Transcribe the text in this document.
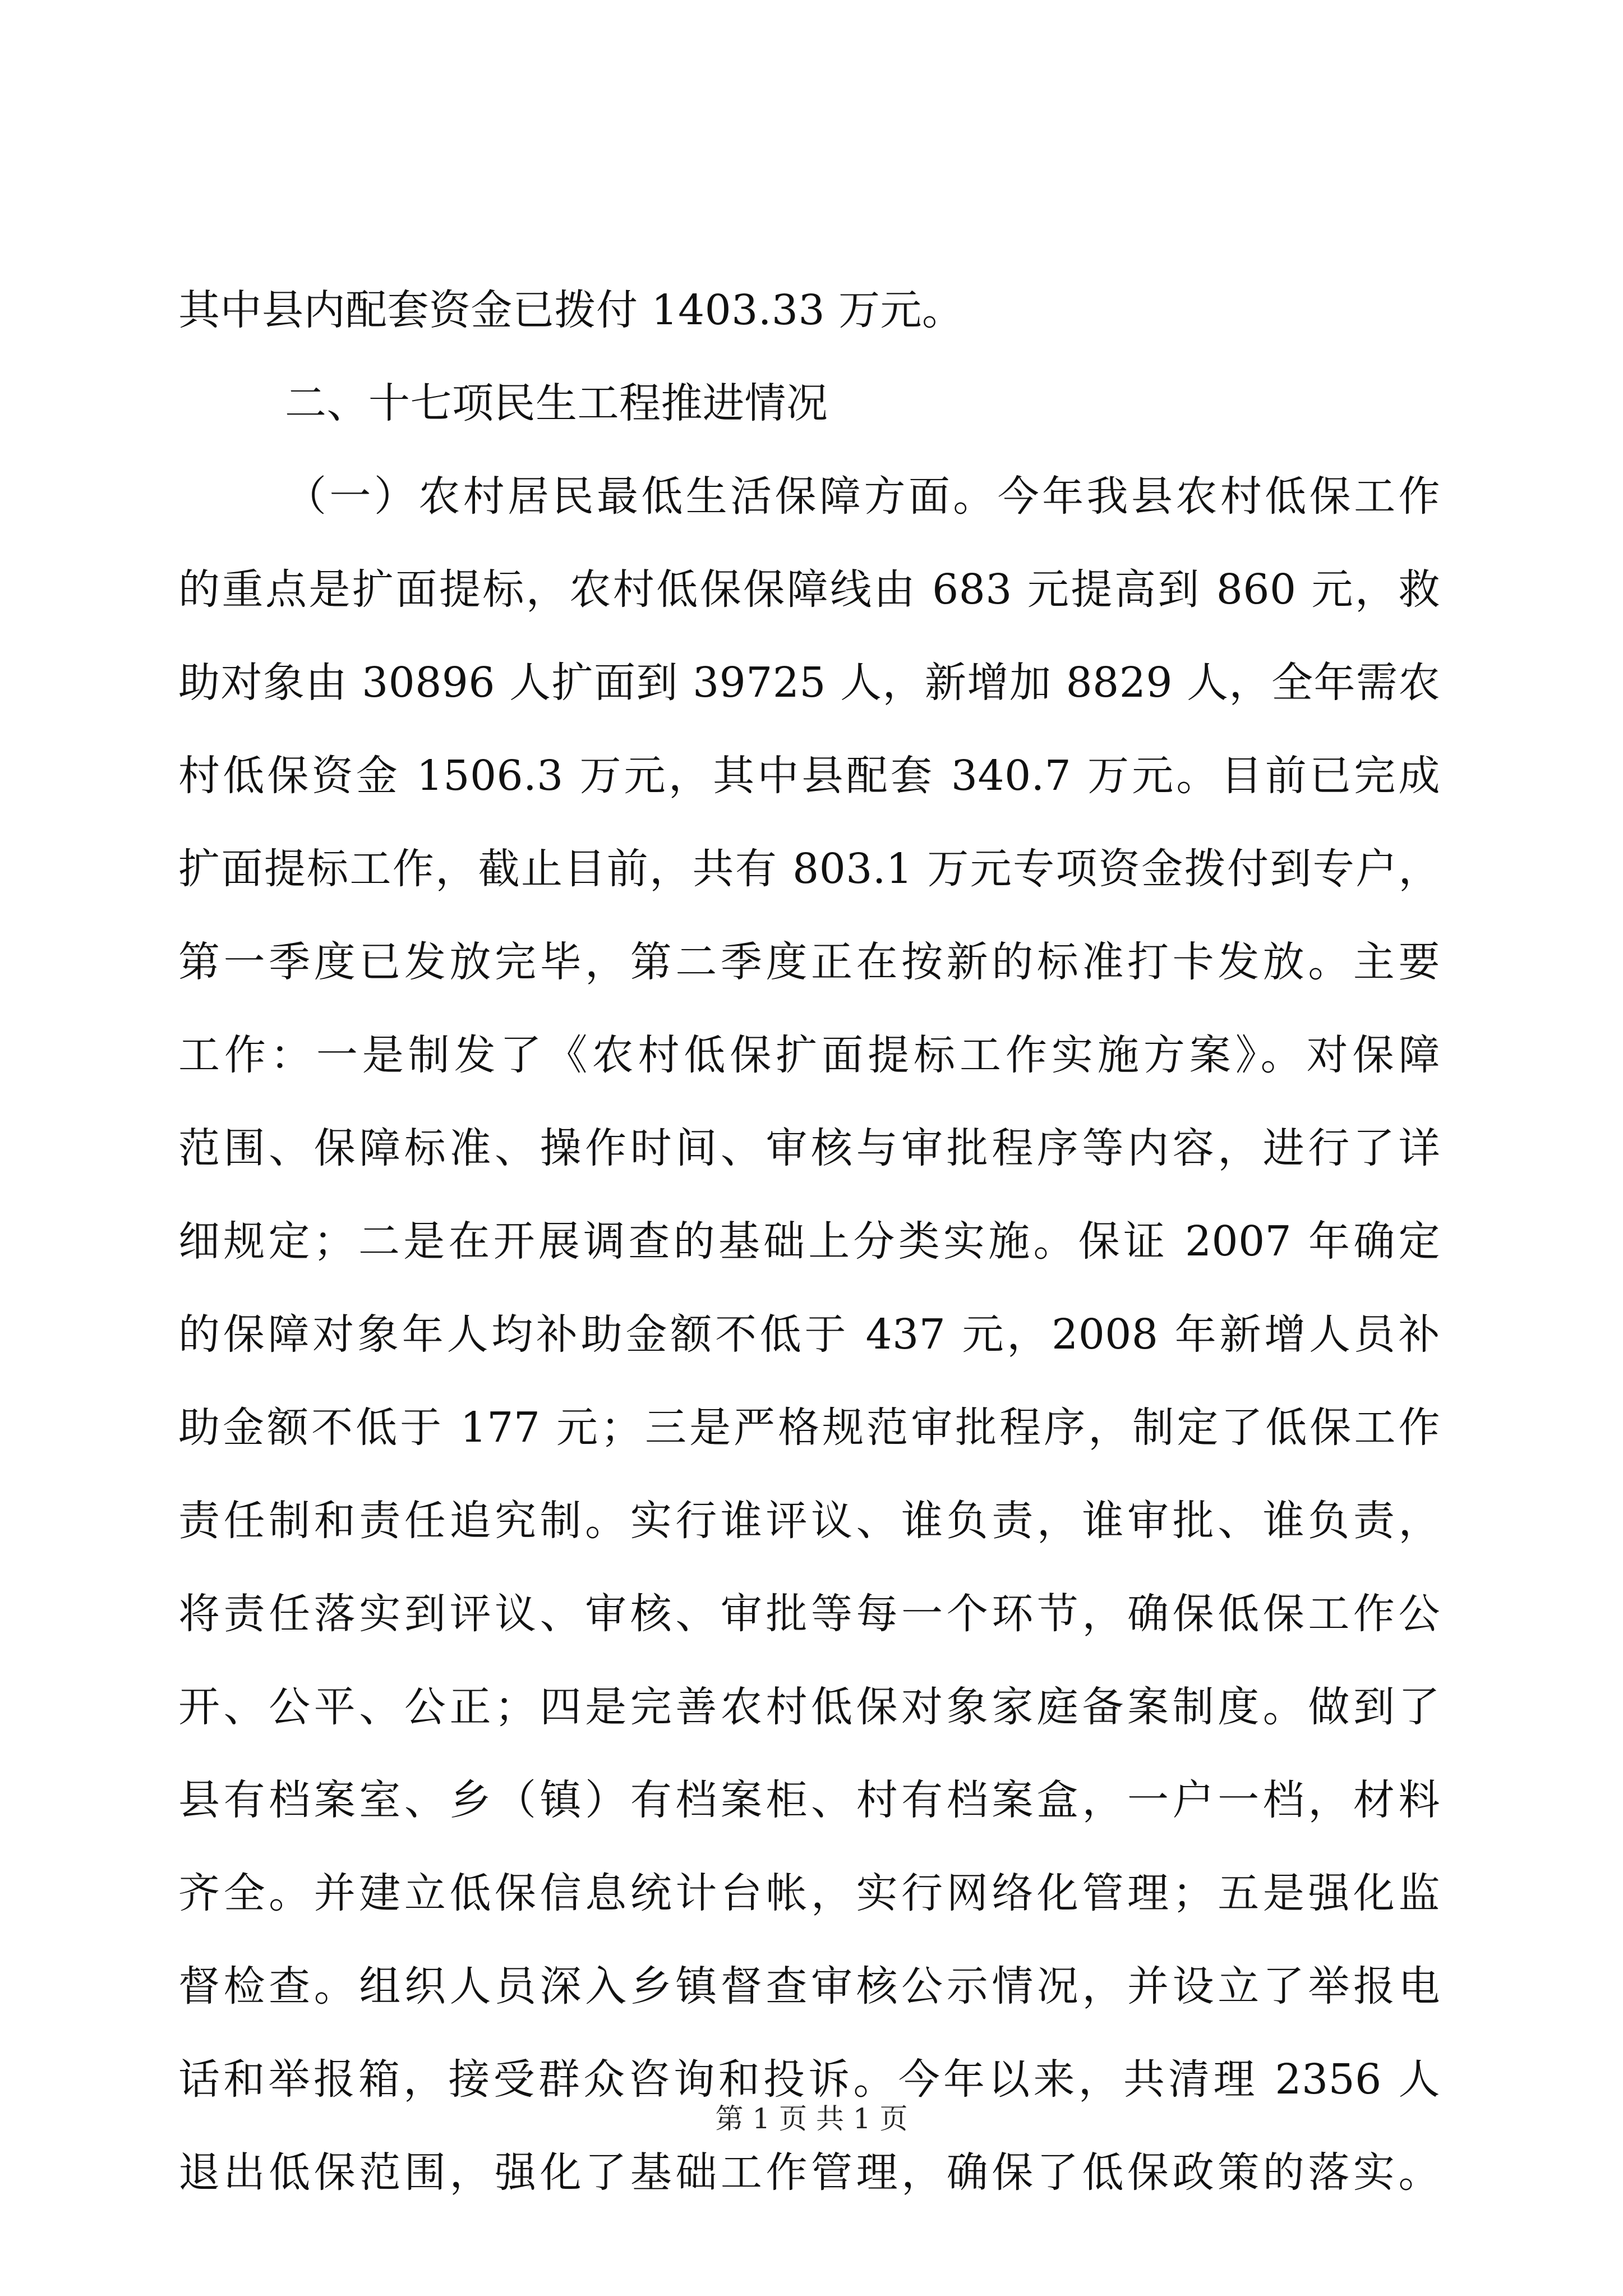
其中县内配套资金已拨付 1403.33 万元。
二、十七项民生工程推进情况
（一）农村居民最低生活保障方面。今年我县农村低保工作
的重点是扩面提标，农村低保保障线由 683 元提高到 860 元，救
助对象由 30896 人扩面到 39725 人，新增加 8829 人，全年需农
村低保资金 1506.3 万元，其中县配套 340.7 万元。目前已完成
扩面提标工作，截止目前，共有 803.1 万元专项资金拨付到专户，
第一季度已发放完毕，第二季度正在按新的标准打卡发放。主要
工作：一是制发了《农村低保扩面提标工作实施方案》。对保障
范围、保障标准、操作时间、审核与审批程序等内容，进行了详
细规定；二是在开展调查的基础上分类实施。保证 2007 年确定
的保障对象年人均补助金额不低于 437 元，2008 年新增人员补
助金额不低于 177 元；三是严格规范审批程序，制定了低保工作
责任制和责任追究制。实行谁评议、谁负责，谁审批、谁负责，
将责任落实到评议、审核、审批等每一个环节，确保低保工作公
开、公平、公正；四是完善农村低保对象家庭备案制度。做到了
县有档案室、乡（镇）有档案柜、村有档案盒，一户一档，材料
齐全。并建立低保信息统计台帐，实行网络化管理；五是强化监
督检查。组织人员深入乡镇督查审核公示情况，并设立了举报电
话和举报箱，接受群众咨询和投诉。今年以来，共清理 2356 人
退出低保范围，强化了基础工作管理，确保了低保政策的落实。
第 1 页 共 1 页
